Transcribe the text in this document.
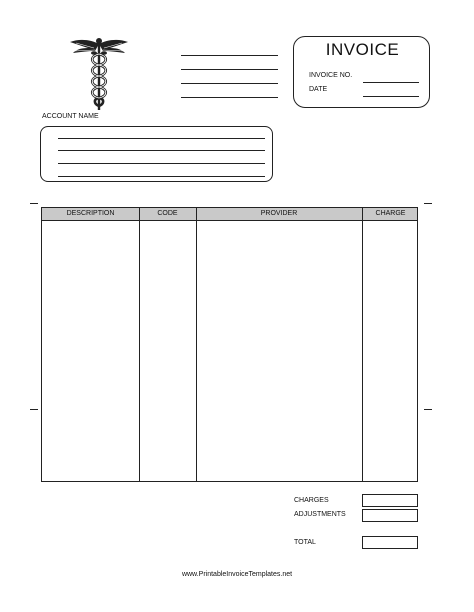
INVOICE
INVOICE NO.
DATE
ACCOUNT NAME
DESCRIPTION	CODE	PROVIDER	CHARGE
CHARGES
ADJUSTMENTS
TOTAL
www.PrintableInvoiceTemplates.net
